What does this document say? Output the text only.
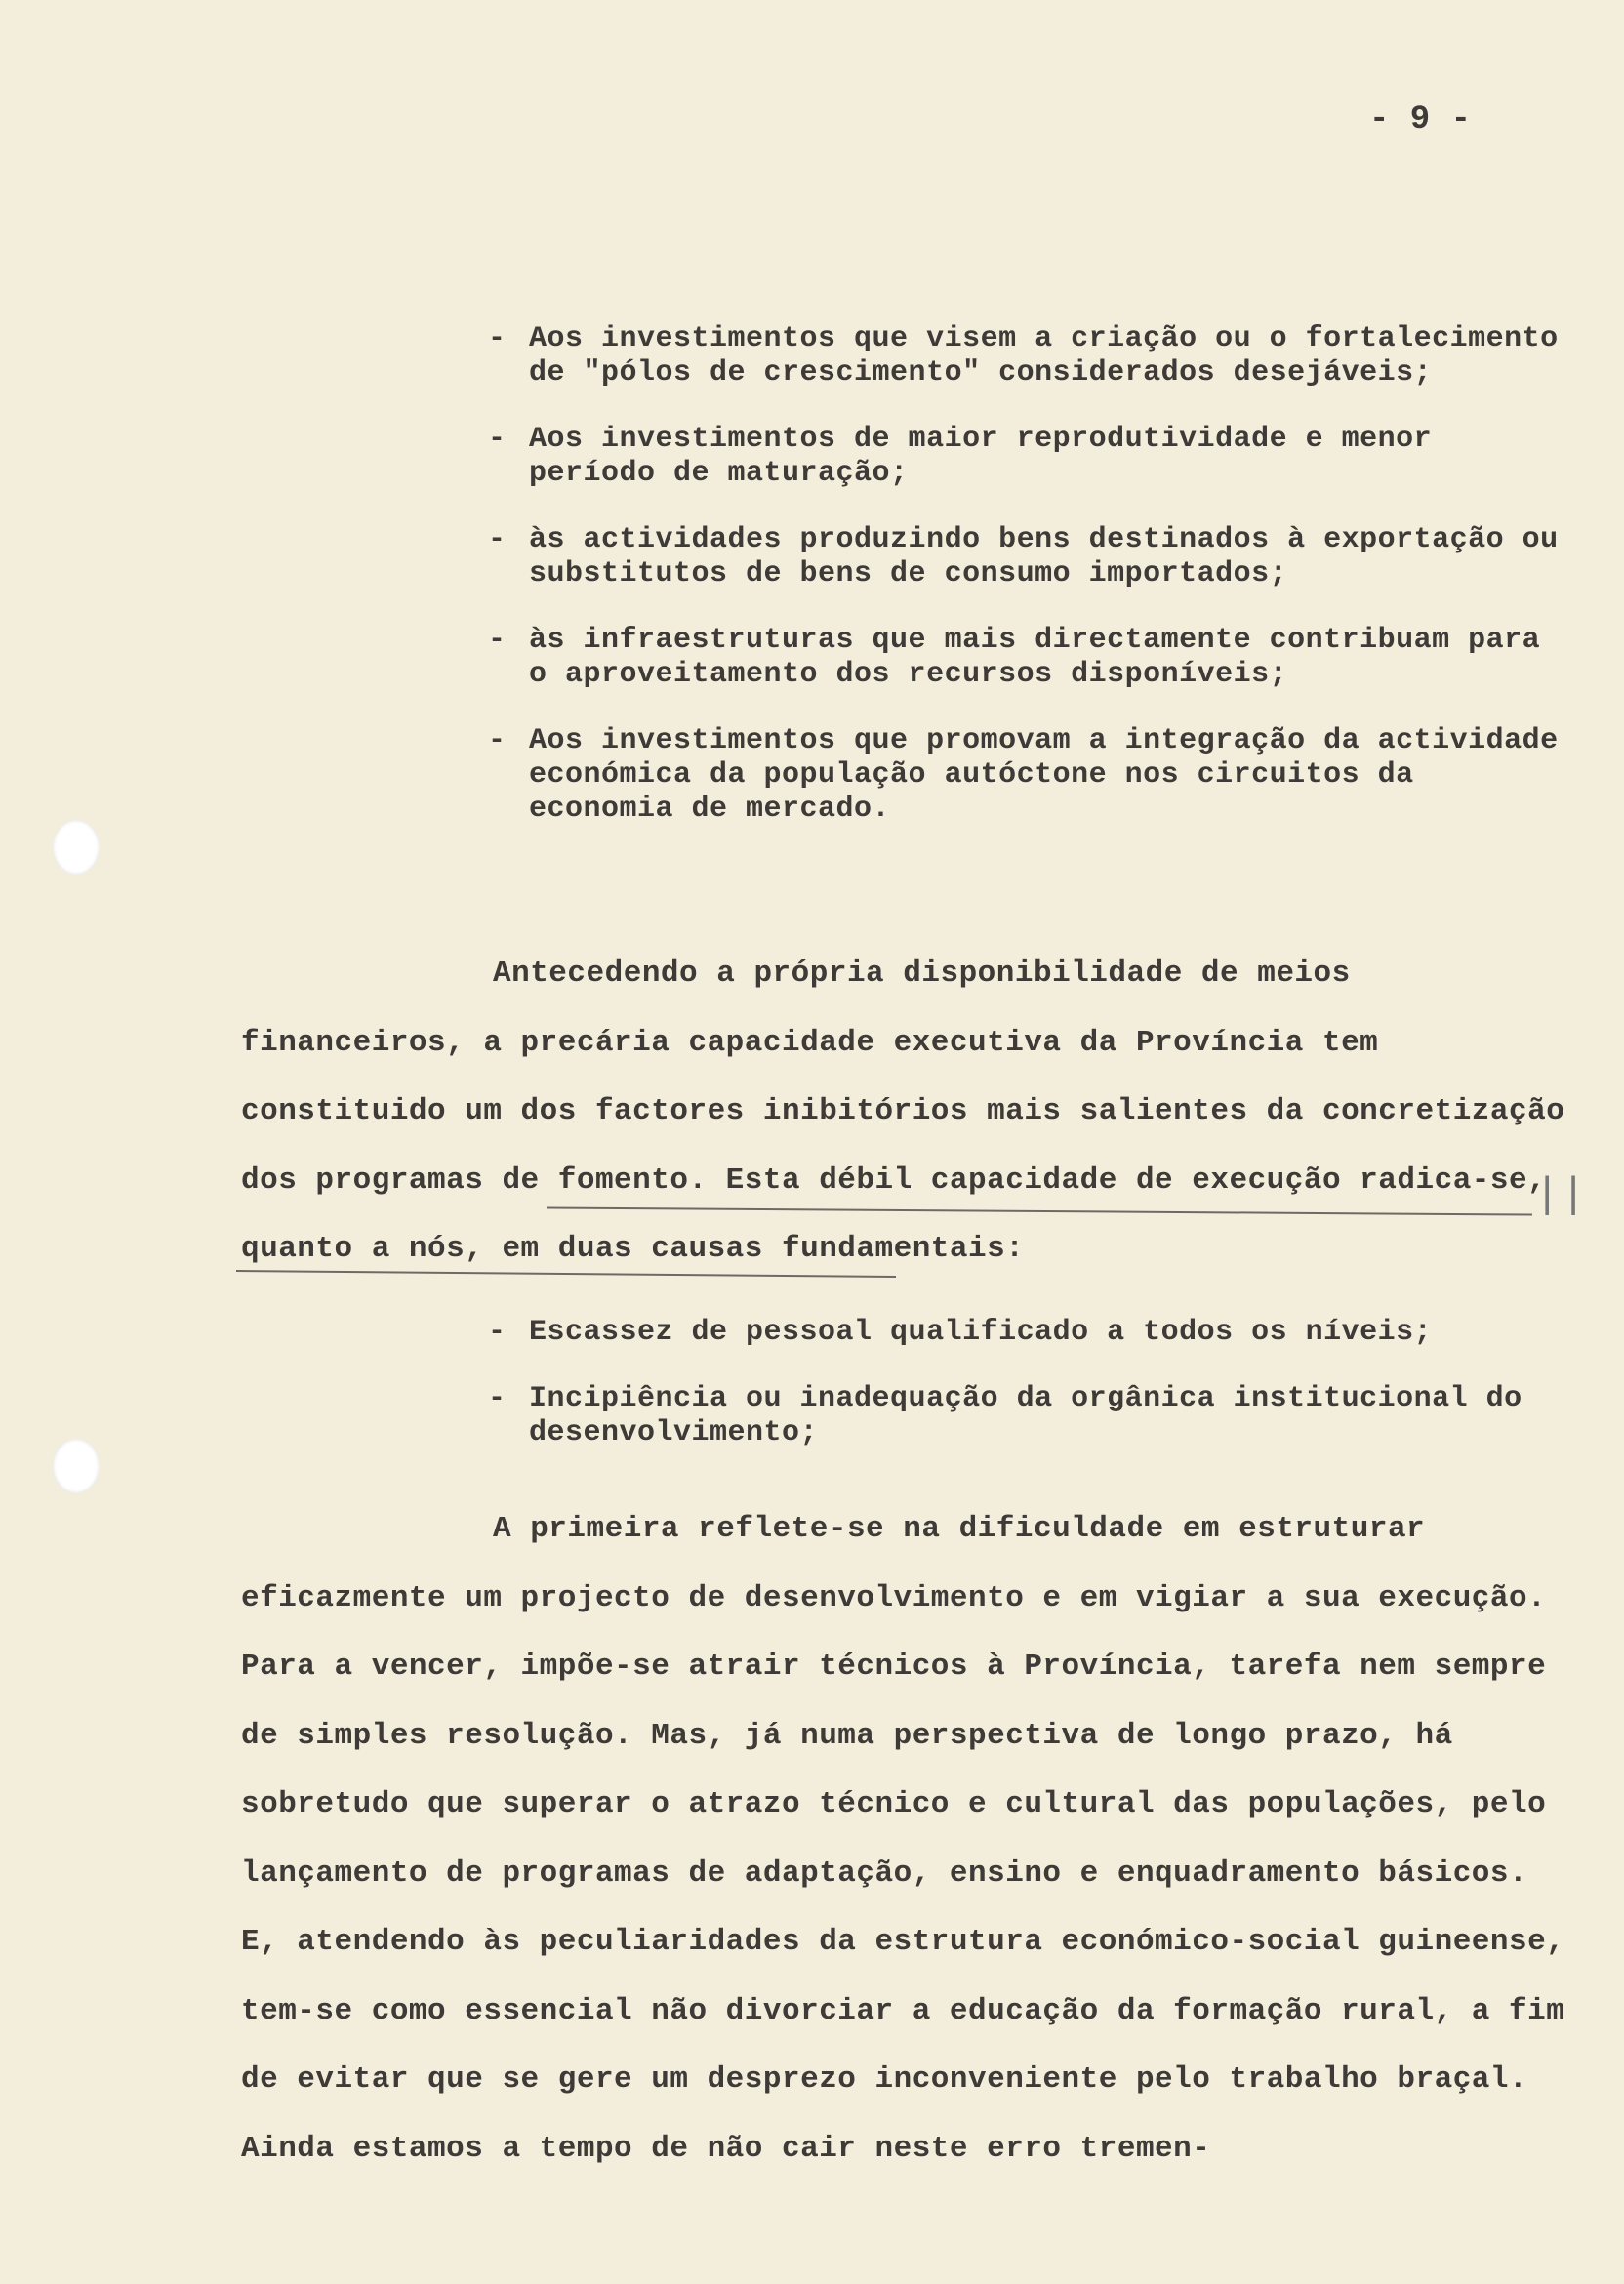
- 9 -
- Aos investimentos que visem a criação ou o fortalecimento de "pólos de crescimento" considerados desejáveis;
- Aos investimentos de maior reprodutividade e menor período de maturação;
- às actividades produzindo bens destinados à exportação ou substitutos de bens de consumo importados;
- às infraestruturas que mais directamente contribuam para o aproveitamento dos recursos disponíveis;
- Aos investimentos que promovam a integração da actividade económica da população autóctone nos circuitos da economia de mercado.

Antecedendo a própria disponibilidade de meios financeiros, a precária capacidade executiva da Província tem constituido um dos factores inibitórios mais salientes da concretização dos programas de fomento. Esta débil capacidade de execução radica-se, quanto a nós, em duas causas fundamentais:

||
- Escassez de pessoal qualificado a todos os níveis;
- Incipiência ou inadequação da orgânica institucional do desenvolvimento;

A primeira reflete-se na dificuldade em estruturar eficazmente um projecto de desenvolvimento e em vigiar a sua execução. Para a vencer, impõe-se atrair técnicos à Província, tarefa nem sempre de simples resolução. Mas, já numa perspectiva de longo prazo, há sobretudo que superar o atrazo técnico e cultural das populações, pelo lançamento de programas de adaptação, ensino e enquadramento básicos. E, atendendo às peculiaridades da estrutura económico-social guineense, tem-se como essencial não divorciar a educação da formação rural, a fim de evitar que se gere um desprezo inconveniente pelo trabalho braçal. Ainda estamos a tempo de não cair neste erro tremen-
